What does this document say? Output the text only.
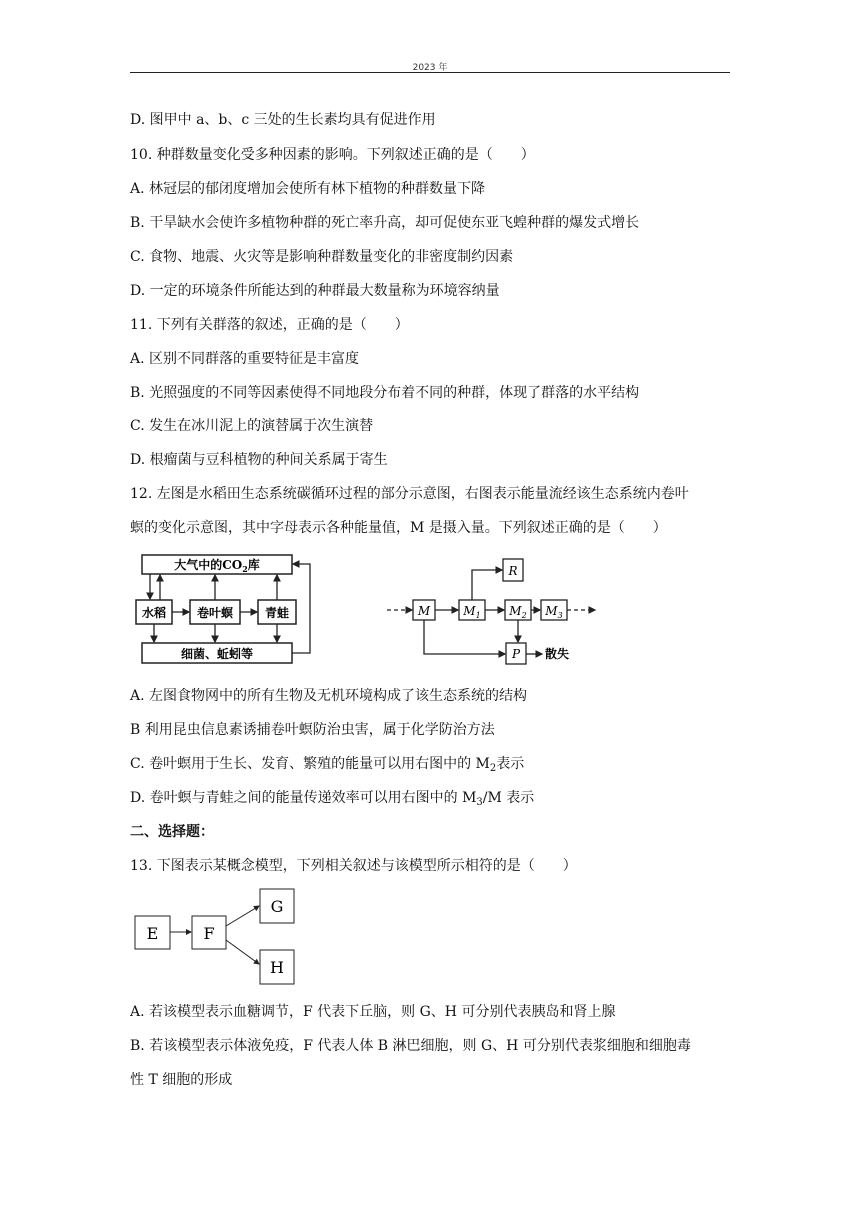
2023 年
D. 图甲中 a、b、c 三处的生长素均具有促进作用
10. 种群数量变化受多种因素的影响。下列叙述正确的是（　　）
A. 林冠层的郁闭度增加会使所有林下植物的种群数量下降
B. 干旱缺水会使许多植物种群的死亡率升高，却可促使东亚飞蝗种群的爆发式增长
C. 食物、地震、火灾等是影响种群数量变化的非密度制约因素
D. 一定的环境条件所能达到的种群最大数量称为环境容纳量
11. 下列有关群落的叙述，正确的是（　　）
A. 区别不同群落的重要特征是丰富度
B. 光照强度的不同等因素使得不同地段分布着不同的种群，体现了群落的水平结构
C. 发生在冰川泥上的演替属于次生演替
D. 根瘤菌与豆科植物的种间关系属于寄生
12. 左图是水稻田生态系统碳循环过程的部分示意图，右图表示能量流经该生态系统内卷叶
螟的变化示意图，其中字母表示各种能量值，M 是摄入量。下列叙述正确的是（　　）
大气中的$CO_2$库
水稻	卷叶螟	青蛙
细菌、蚯蚓等
M	$M_1$ $M_2$ $M_3$
R
P 散失
A. 左图食物网中的所有生物及无机环境构成了该生态系统的结构
B 利用昆虫信息素诱捕卷叶螟防治虫害，属于化学防治方法
C. 卷叶螟用于生长、发育、繁殖的能量可以用右图中的 $M_2$表示
D. 卷叶螟与青蛙之间的能量传递效率可以用右图中的 $M_3/M$ 表示
二、选择题：
13. 下图表示某概念模型，下列相关叙述与该模型所示相符的是（　　）
E	F
G
H
A. 若该模型表示血糖调节，F 代表下丘脑，则 G、H 可分别代表胰岛和肾上腺
B. 若该模型表示体液免疫，F 代表人体 B 淋巴细胞，则 G、H 可分别代表浆细胞和细胞毒
性 T 细胞的形成
